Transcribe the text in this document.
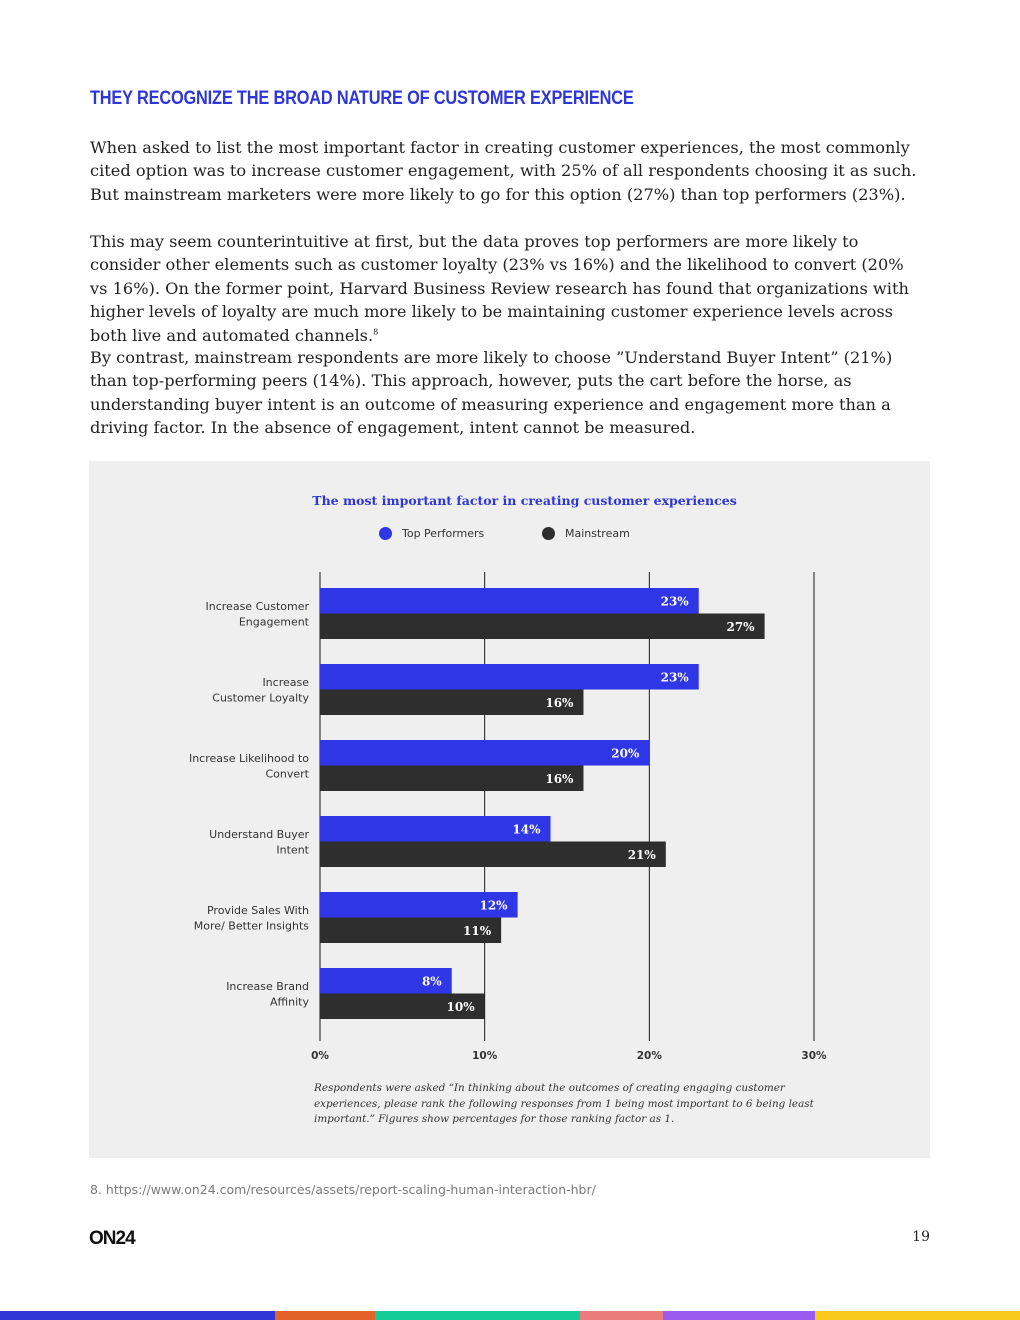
THEY RECOGNIZE THE BROAD NATURE OF CUSTOMER EXPERIENCE

When asked to list the most important factor in creating customer experiences, the most commonly cited option was to increase customer engagement, with 25% of all respondents choosing it as such. But mainstream marketers were more likely to go for this option (27%) than top performers (23%).

This may seem counterintuitive at first, but the data proves top performers are more likely to consider other elements such as customer loyalty (23% vs 16%) and the likelihood to convert (20% vs 16%). On the former point, Harvard Business Review research has found that organizations with higher levels of loyalty are much more likely to be maintaining customer experience levels across both live and automated channels.$^8$

By contrast, mainstream respondents are more likely to choose ”Understand Buyer Intent” (21%) than top-performing peers (14%). This approach, however, puts the cart before the horse, as understanding buyer intent is an outcome of measuring experience and engagement more than a driving factor. In the absence of engagement, intent cannot be measured.

The most important factor in creating customer experiences
Top Performers	Mainstream
0%	10%	20%	30%
Increase Customer Engagement
23%
27%
Increase Customer Loyalty
23%
16%
Increase Likelihood to Convert
20%
16%
Understand Buyer Intent
14%
21%
Provide Sales With More/ Better Insights
12%
11%
Increase Brand Affinity
8%
10%

Respondents were asked “In thinking about the outcomes of creating engaging customer experiences, please rank the following responses from 1 being most important to 6 being least important.” Figures show percentages for those ranking factor as 1.

8. https://www.on24.com/resources/assets/report-scaling-human-interaction-hbr/
ON24	19
